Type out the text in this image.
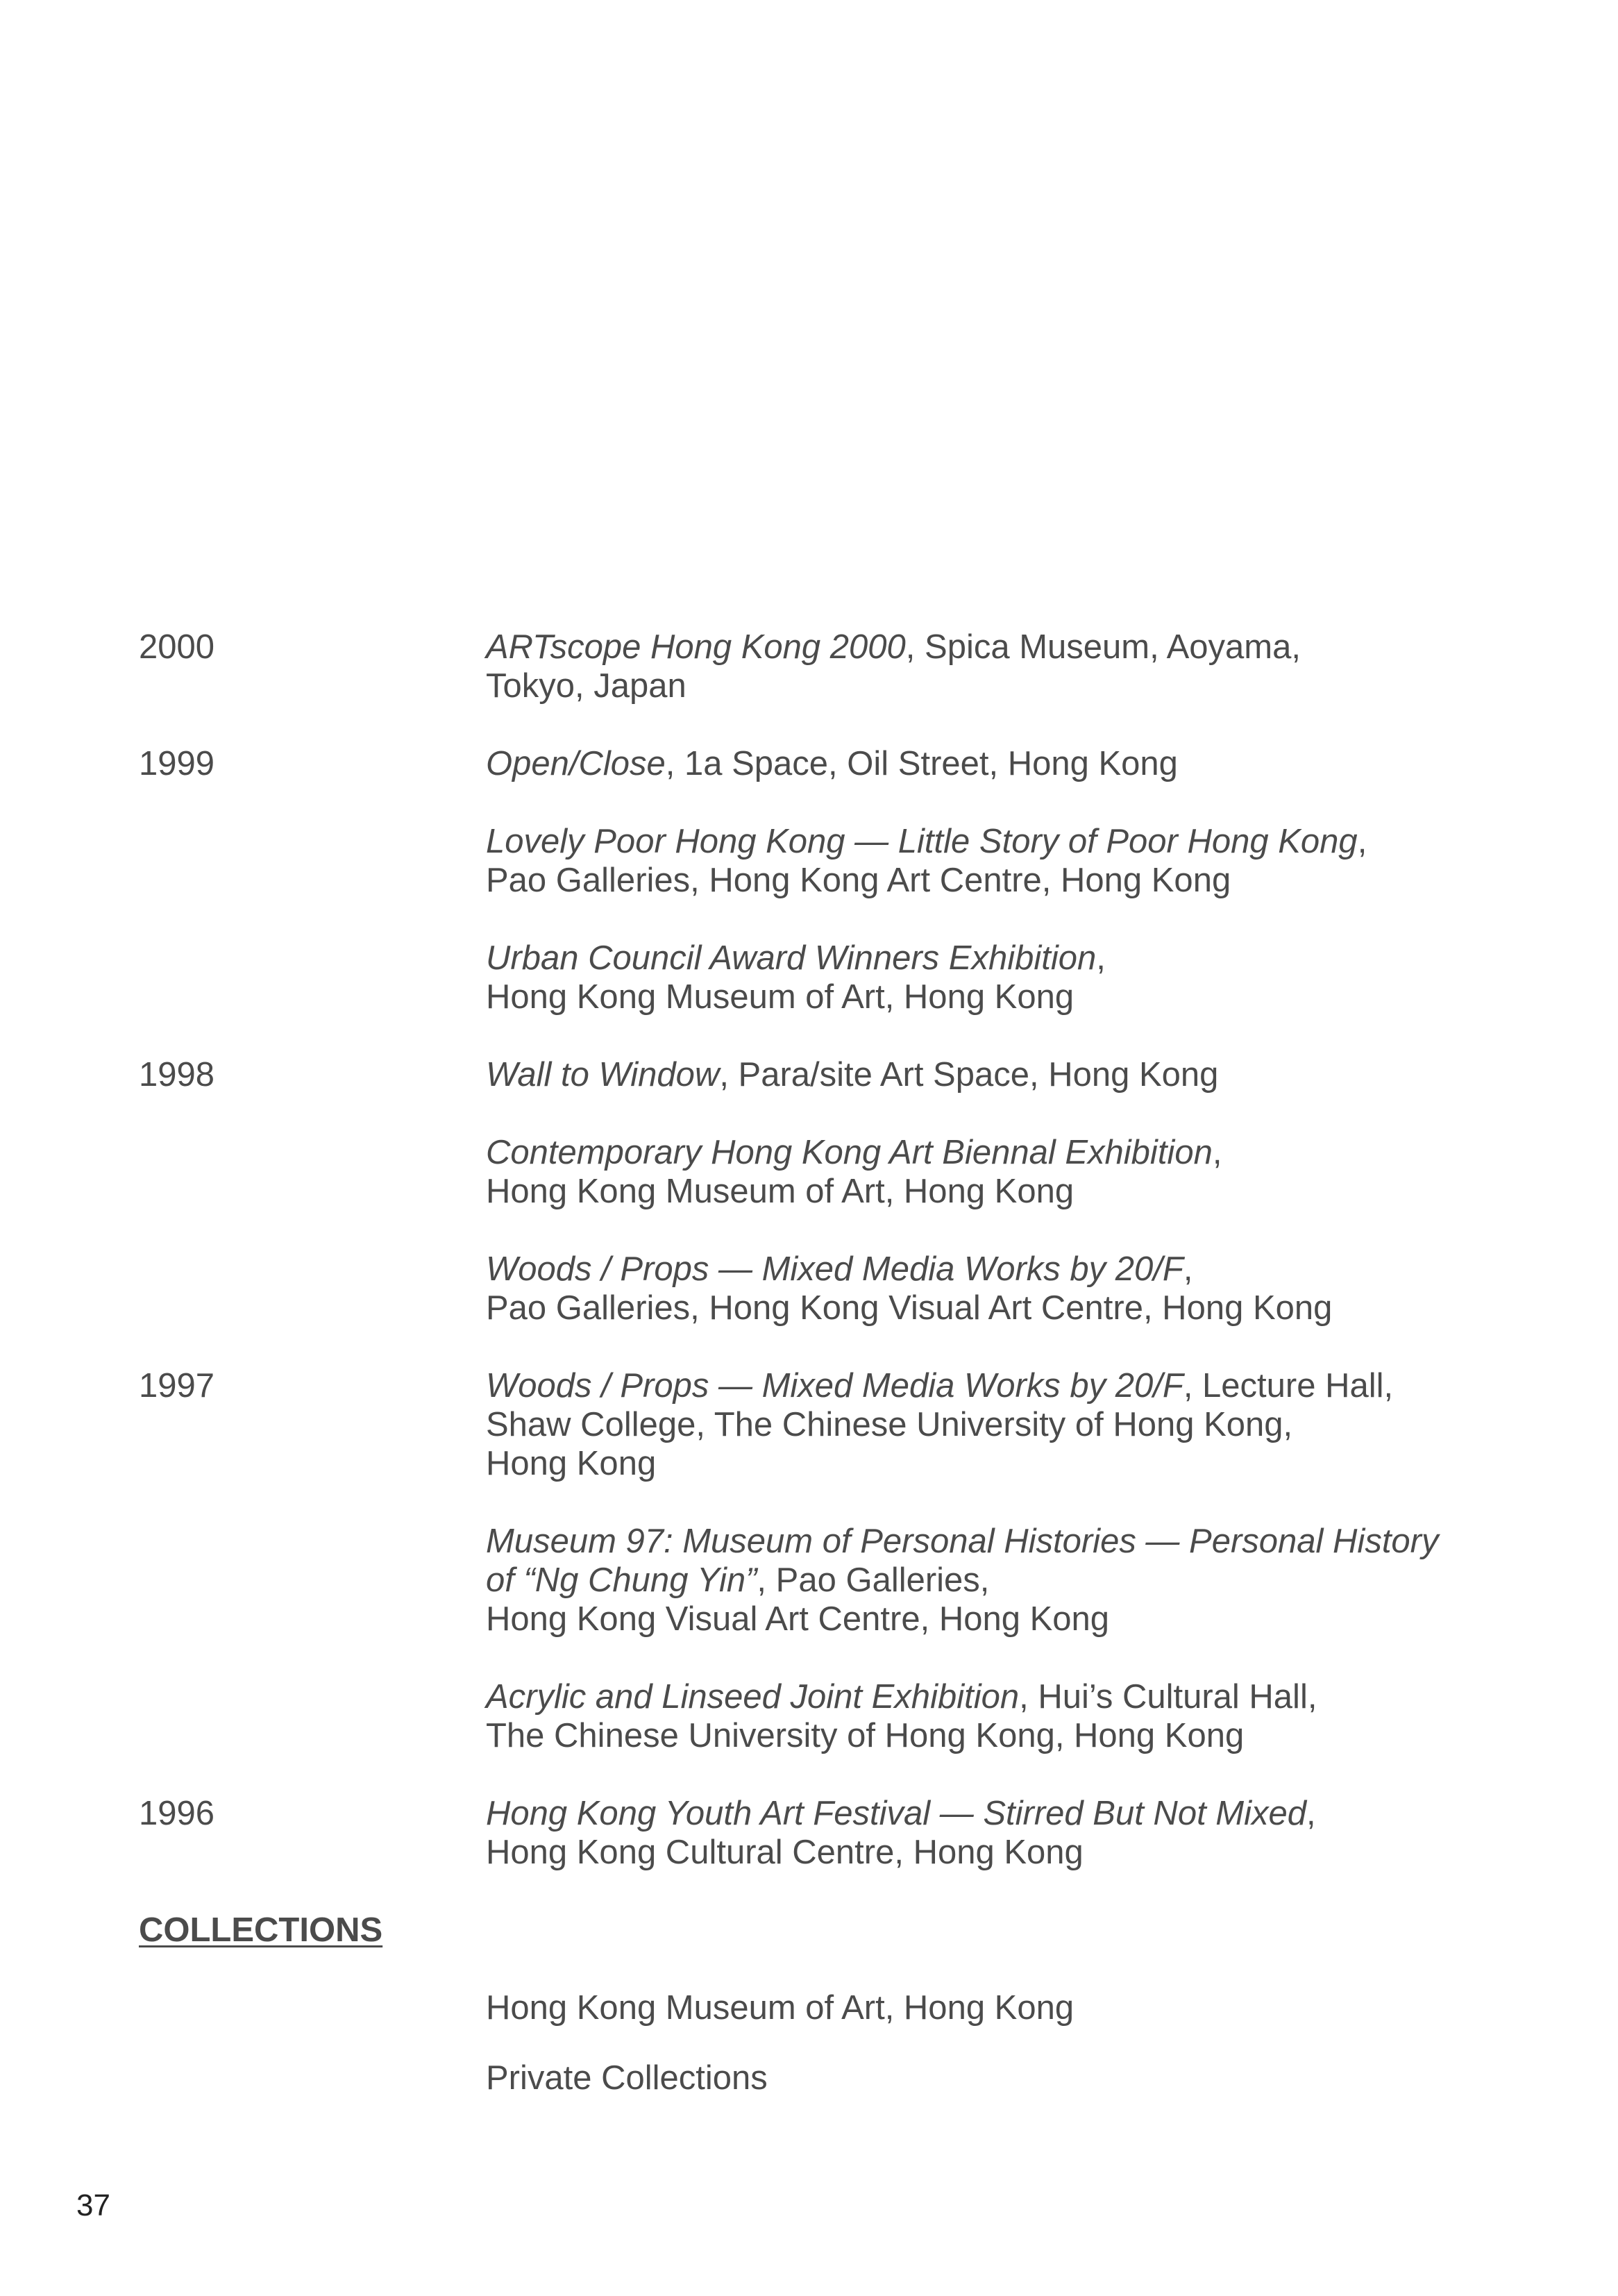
2000	ARTscope Hong Kong 2000, Spica Museum, Aoyama,
Tokyo, Japan
1999	Open/Close, 1a Space, Oil Street, Hong Kong
Lovely Poor Hong Kong — Little Story of Poor Hong Kong,
Pao Galleries, Hong Kong Art Centre, Hong Kong
Urban Council Award Winners Exhibition,
Hong Kong Museum of Art, Hong Kong
1998	Wall to Window, Para/site Art Space, Hong Kong
Contemporary Hong Kong Art Biennal Exhibition,
Hong Kong Museum of Art, Hong Kong
Woods / Props — Mixed Media Works by 20/F,
Pao Galleries, Hong Kong Visual Art Centre, Hong Kong
1997	Woods / Props — Mixed Media Works by 20/F, Lecture Hall,
Shaw College, The Chinese University of Hong Kong,
Hong Kong
Museum 97: Museum of Personal Histories — Personal History
of “Ng Chung Yin”, Pao Galleries,
Hong Kong Visual Art Centre, Hong Kong
Acrylic and Linseed Joint Exhibition, Hui’s Cultural Hall,
The Chinese University of Hong Kong, Hong Kong
1996	Hong Kong Youth Art Festival — Stirred But Not Mixed,
Hong Kong Cultural Centre, Hong Kong
COLLECTIONS
Hong Kong Museum of Art, Hong Kong
Private Collections
37
